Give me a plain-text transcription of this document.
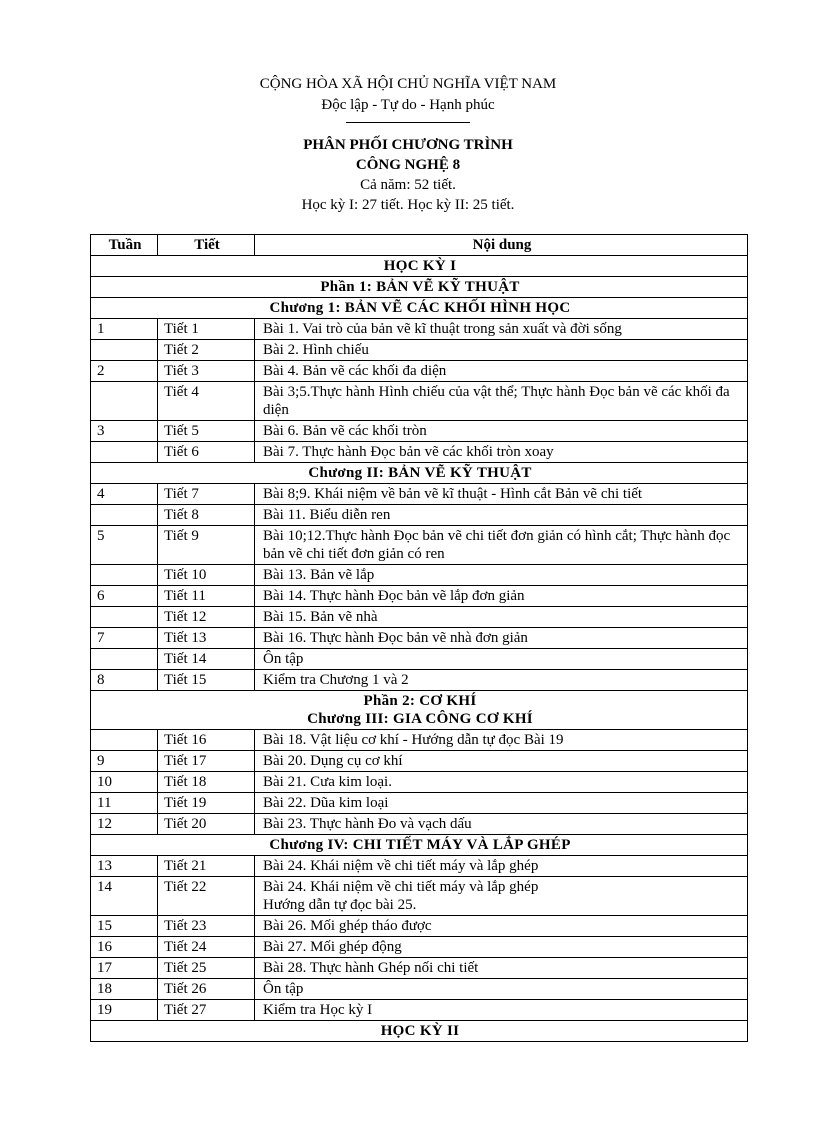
CỘNG HÒA XÃ HỘI CHỦ NGHĨA VIỆT NAM
Độc lập - Tự do - Hạnh phúc
PHÂN PHỐI CHƯƠNG TRÌNH
CÔNG NGHỆ 8
Cả năm: 52 tiết.
Học kỳ I: 27 tiết. Học kỳ II: 25 tiết.
Tuần	Tiết	Nội dung

HỌC KỲ I		

Phần 1: BẢN VẼ KỸ THUẬT		

Chương 1: BẢN VẼ CÁC KHỐI HÌNH HỌC		

1	Tiết 1	Bài 1. Vai trò của bản vẽ kĩ thuật trong sản xuất và đời sống

	Tiết 2	Bài 2. Hình chiếu

2	Tiết 3	Bài 4. Bản vẽ các khối đa diện

	Tiết 4	Bài 3;5.Thực hành Hình chiếu của vật thể; Thực hành Đọc bản vẽ các khối đa diện

3	Tiết 5	Bài 6. Bản vẽ các khối tròn

	Tiết 6	Bài 7. Thực hành Đọc bản vẽ các khối tròn xoay

Chương II: BẢN VẼ KỸ THUẬT		

4	Tiết 7	Bài 8;9. Khái niệm về bản vẽ kĩ thuật - Hình cắt Bản vẽ chi tiết

	Tiết 8	Bài 11. Biểu diễn ren

5	Tiết 9	Bài 10;12.Thực hành Đọc bản vẽ chi tiết đơn giản có hình cắt; Thực hành đọc bản vẽ chi tiết đơn giản có ren

	Tiết 10	Bài 13. Bản vẽ lắp

6	Tiết 11	Bài 14. Thực hành Đọc bản vẽ lắp đơn giản

	Tiết 12	Bài 15. Bản vẽ nhà

7	Tiết 13	Bài 16. Thực hành Đọc bản vẽ nhà đơn giản

	Tiết 14	Ôn tập

8	Tiết 15	Kiểm tra Chương 1 và 2

Phần 2: CƠ KHÍ
Chương III: GIA CÔNG CƠ KHÍ		

	Tiết 16	Bài 18. Vật liệu cơ khí - Hướng dẫn tự đọc Bài 19

9	Tiết 17	Bài 20. Dụng cụ cơ khí

10	Tiết 18	Bài 21. Cưa kim loại.

11	Tiết 19	Bài 22. Dũa kim loại

12	Tiết 20	Bài 23. Thực hành Đo và vạch dấu

Chương IV: CHI TIẾT MÁY VÀ LẮP GHÉP		

13	Tiết 21	Bài 24. Khái niệm về chi tiết máy và lắp ghép

14	Tiết 22	Bài 24. Khái niệm về chi tiết máy và lắp ghép
Hướng dẫn tự đọc bài 25.

15	Tiết 23	Bài 26. Mối ghép tháo được

16	Tiết 24	Bài 27. Mối ghép động

17	Tiết 25	Bài 28. Thực hành Ghép nối chi tiết

18	Tiết 26	Ôn tập

19	Tiết 27	Kiểm tra Học kỳ I

HỌC KỲ II		
